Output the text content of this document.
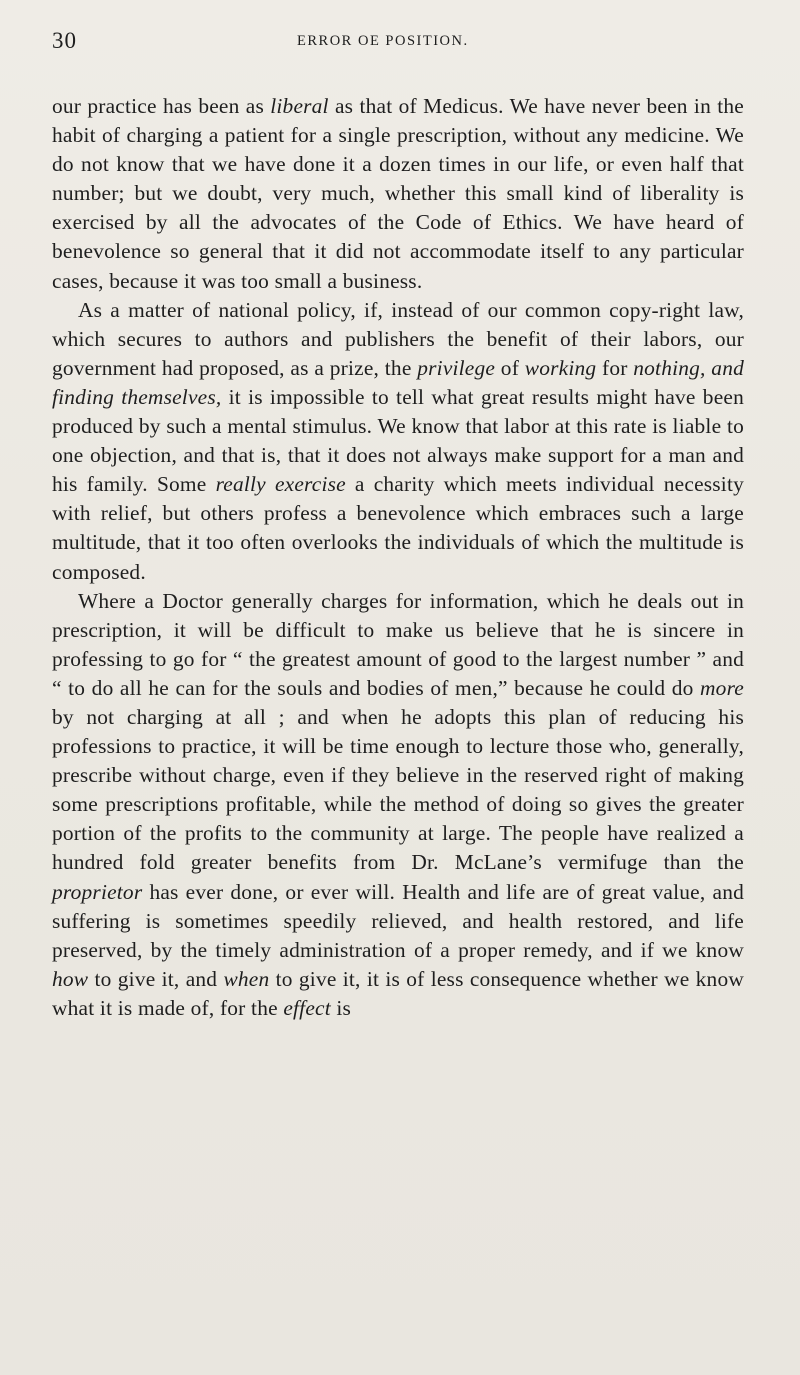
30	ERROR OE POSITION.

our practice has been as liberal as that of Medicus. We have never been in the habit of charging a patient for a single prescription, without any medicine. We do not know that we have done it a dozen times in our life, or even half that number; but we doubt, very much, whether this small kind of liberality is exercised by all the advocates of the Code of Ethics. We have heard of benevolence so general that it did not accommodate itself to any particular cases, because it was too small a business.

As a matter of national policy, if, instead of our common copy-right law, which secures to authors and publishers the benefit of their labors, our government had proposed, as a prize, the privilege of working for nothing, and finding themselves, it is impossible to tell what great results might have been produced by such a mental stimulus. We know that labor at this rate is liable to one objection, and that is, that it does not always make support for a man and his family. Some really exercise a charity which meets individual necessity with relief, but others profess a benevolence which embraces such a large multitude, that it too often overlooks the individuals of which the multitude is composed.

Where a Doctor generally charges for information, which he deals out in prescription, it will be difficult to make us believe that he is sincere in professing to go for “ the greatest amount of good to the largest number ” and “ to do all he can for the souls and bodies of men,” because he could do more by not charging at all ; and when he adopts this plan of reducing his professions to practice, it will be time enough to lecture those who, generally, prescribe without charge, even if they believe in the reserved right of making some prescriptions profitable, while the method of doing so gives the greater portion of the profits to the community at large. The people have realized a hundred fold greater benefits from Dr. McLane’s vermifuge than the proprietor has ever done, or ever will. Health and life are of great value, and suffering is sometimes speedily relieved, and health restored, and life preserved, by the timely administration of a proper remedy, and if we know how to give it, and when to give it, it is of less consequence whether we know what it is made of, for the effect is
